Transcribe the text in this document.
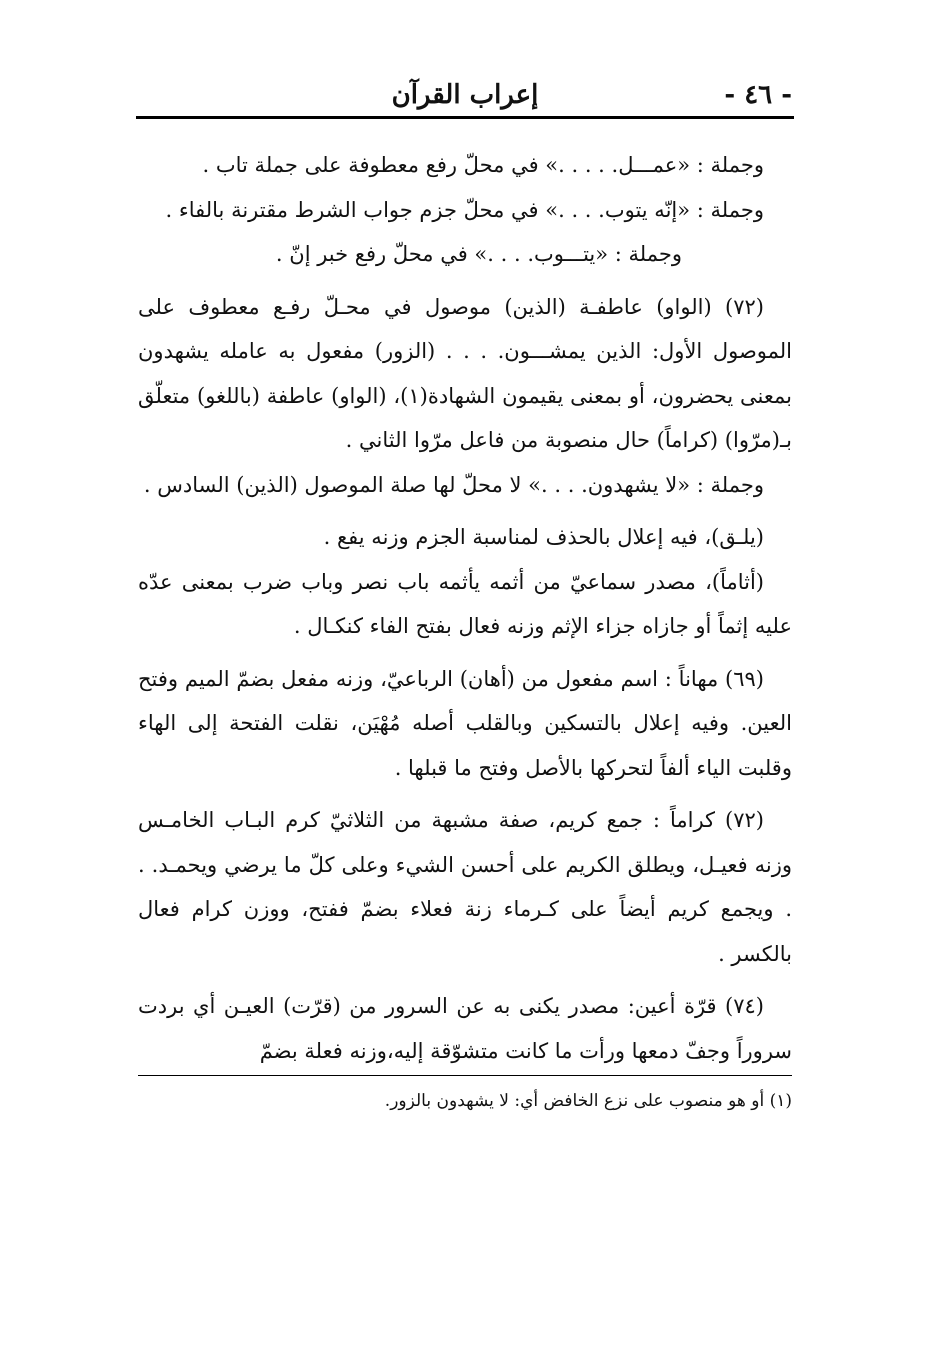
- ٤٦ -
إعراب القرآن

وجملة : «عمـــل. . . . .» في محلّ رفع معطوفة على جملة تاب .

وجملة : «إنّه يتوب. . . .» في محلّ جزم جواب الشرط مقترنة بالفاء .

وجملة : «يتـــوب. . . .» في محلّ رفع خبر إنّ .

(٧٢) (الواو) عاطفـة (الذين) موصول في محـلّ رفـع معطوف على الموصول الأول: الذين يمشـــون. . . . (الزور) مفعول به عامله يشهدون بمعنى يحضرون، أو بمعنى يقيمون الشهادة(١)، (الواو) عاطفة (باللغو) متعلّق بـ(مرّوا) (كراماً) حال منصوبة من فاعل مرّوا الثاني .

وجملة : «لا يشهدون. . . .» لا محلّ لها صلة الموصول (الذين) السادس .

(يلـق)، فيه إعلال بالحذف لمناسبة الجزم وزنه يفع .

(أثاماً)، مصدر سماعيّ من أثمه يأثمه باب نصر وباب ضرب بمعنى عدّه عليه إثماً أو جازاه جزاء الإثم وزنه فعال بفتح الفاء كنكـال .

(٦٩) مهاناً : اسم مفعول من (أهان) الرباعيّ، وزنه مفعل بضمّ الميم وفتح العين. وفيه إعلال بالتسكين وبالقلب أصله مُهْيَن، نقلت الفتحة إلى الهاء وقلبت الياء ألفاً لتحركها بالأصل وفتح ما قبلها .

(٧٢) كراماً : جمع كريم، صفة مشبهة من الثلاثيّ كرم البـاب الخامـس وزنه فعيـل، ويطلق الكريم على أحسن الشيء وعلى كلّ ما يرضي ويحمـد. . . ويجمع كريم أيضاً على كـرماء زنة فعلاء بضمّ ففتح، ووزن كرام فعال بالكسر .

(٧٤) قرّة أعين: مصدر يكنى به عن السرور من (قرّت) العيـن أي بردت سروراً وجفّ دمعها ورأت ما كانت متشوّقة إليه،وزنه فعلة بضمّ

(١) أو هو منصوب على نزع الخافض أي: لا يشهدون بالزور.
